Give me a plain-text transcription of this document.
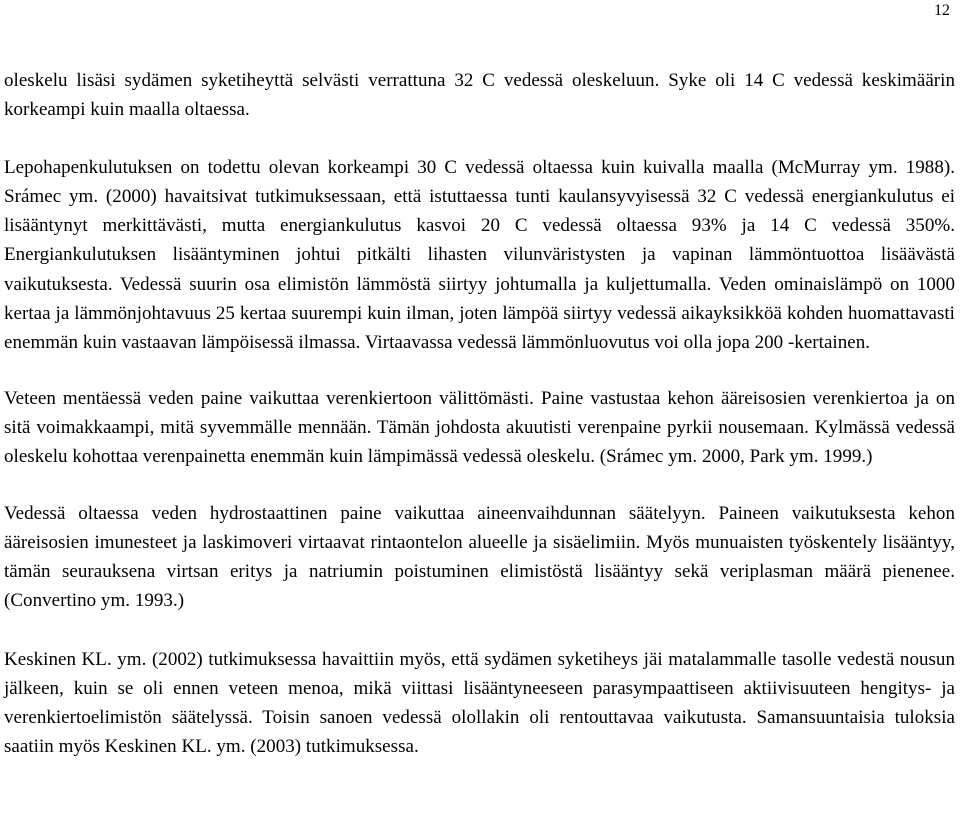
12

oleskelu lisäsi sydämen syketiheyttä selvästi verrattuna 32 C vedessä oleskeluun. Syke oli 14 C vedessä keskimäärin korkeampi kuin maalla oltaessa.

Lepohapenkulutuksen on todettu olevan korkeampi 30 C vedessä oltaessa kuin kuivalla maalla (McMurray ym. 1988). Srámec ym. (2000) havaitsivat tutkimuksessaan, että istuttaessa tunti kaulansyvyisessä 32 C vedessä energiankulutus ei lisääntynyt merkittävästi, mutta energiankulutus kasvoi 20 C vedessä oltaessa 93% ja 14 C vedessä 350%. Energiankulutuksen lisääntyminen johtui pitkälti lihasten vilunväristysten ja vapinan lämmöntuottoa lisäävästä vaikutuksesta. Vedessä suurin osa elimistön lämmöstä siirtyy johtumalla ja kuljettumalla. Veden ominaislämpö on 1000 kertaa ja lämmönjohtavuus 25 kertaa suurempi kuin ilman, joten lämpöä siirtyy vedessä aikayksikköä kohden huomattavasti enemmän kuin vastaavan lämpöisessä ilmassa. Virtaavassa vedessä lämmönluovutus voi olla jopa 200 -kertainen.

Veteen mentäessä veden paine vaikuttaa verenkiertoon välittömästi. Paine vastustaa kehon ääreisosien verenkiertoa ja on sitä voimakkaampi, mitä syvemmälle mennään. Tämän johdosta akuutisti verenpaine pyrkii nousemaan. Kylmässä vedessä oleskelu kohottaa verenpainetta enemmän kuin lämpimässä vedessä oleskelu. (Srámec ym. 2000, Park ym. 1999.)

Vedessä oltaessa veden hydrostaattinen paine vaikuttaa aineenvaihdunnan säätelyyn. Paineen vaikutuksesta kehon ääreisosien imunesteet ja laskimoveri virtaavat rintaontelon alueelle ja sisäelimiin. Myös munuaisten työskentely lisääntyy, tämän seurauksena virtsan eritys ja natriumin poistuminen elimistöstä lisääntyy sekä veriplasman määrä pienenee. (Convertino ym. 1993.)

Keskinen KL. ym. (2002) tutkimuksessa havaittiin myös, että sydämen syketiheys jäi matalammalle tasolle vedestä nousun jälkeen, kuin se oli ennen veteen menoa, mikä viittasi lisääntyneeseen parasympaattiseen aktiivisuuteen hengitys- ja verenkiertoelimistön säätelyssä. Toisin sanoen vedessä olollakin oli rentouttavaa vaikutusta. Samansuuntaisia tuloksia saatiin myös Keskinen KL. ym. (2003) tutkimuksessa.
